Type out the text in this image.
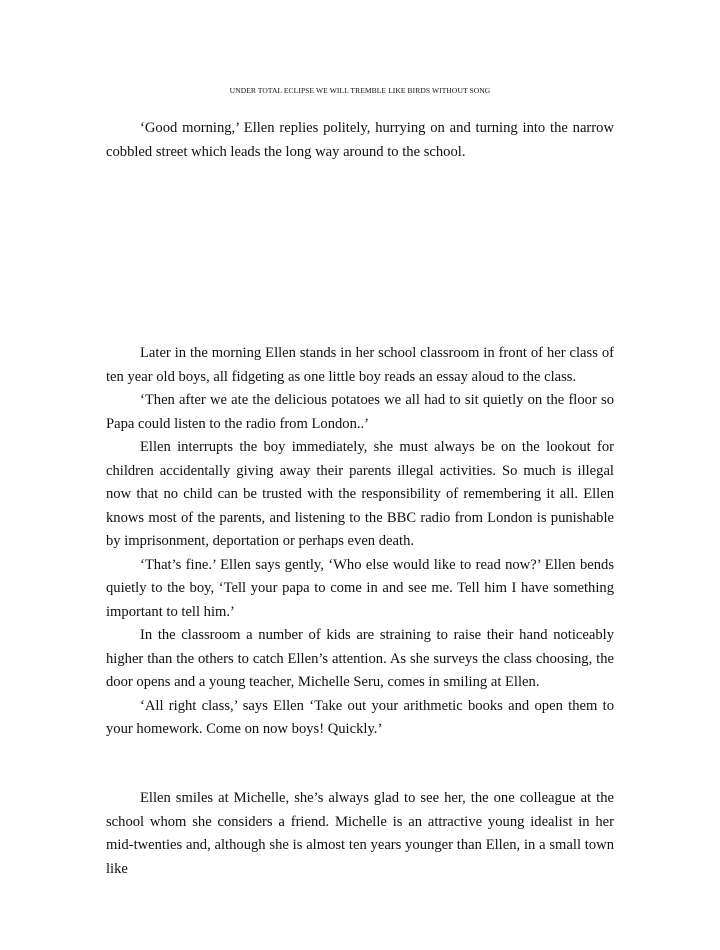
UNDER TOTAL ECLIPSE WE WILL TREMBLE LIKE BIRDS WITHOUT SONG

‘Good morning,’ Ellen replies politely, hurrying on and turning into the narrow cobbled street which leads the long way around to the school.

Later in the morning Ellen stands in her school classroom in front of her class of ten year old boys, all fidgeting as one little boy reads an essay aloud to the class.

‘Then after we ate the delicious potatoes we all had to sit quietly on the floor so Papa could listen to the radio from London..’

Ellen interrupts the boy immediately, she must always be on the lookout for children accidentally giving away their parents illegal activities. So much is illegal now that no child can be trusted with the responsibility of remembering it all. Ellen knows most of the parents, and listening to the BBC radio from London is punishable by imprisonment, deportation or perhaps even death.

‘That’s fine.’ Ellen says gently, ‘Who else would like to read now?’ Ellen bends quietly to the boy, ‘Tell your papa to come in and see me. Tell him I have something important to tell him.’

In the classroom a number of kids are straining to raise their hand noticeably higher than the others to catch Ellen’s attention. As she surveys the class choosing, the door opens and a young teacher, Michelle Seru, comes in smiling at Ellen.

‘All right class,’ says Ellen ‘Take out your arithmetic books and open them to your homework. Come on now boys! Quickly.’

Ellen smiles at Michelle, she’s always glad to see her, the one colleague at the school whom she considers a friend. Michelle is an attractive young idealist in her mid-twenties and, although she is almost ten years younger than Ellen, in a small town like
